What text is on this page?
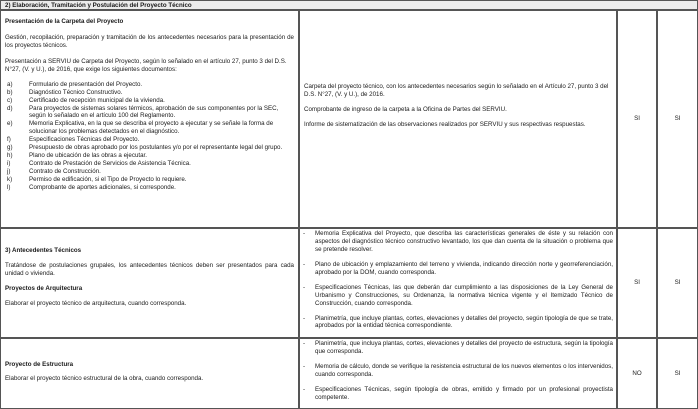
2) Elaboración, Tramitación y Postulación del Proyecto Técnico

Presentación de la Carpeta del Proyecto

Gestión, recopilación, preparación y tramitación de los antecedentes necesarios para la presentación de los proyectos técnicos.

Presentación a SERVIU de Carpeta del Proyecto, según lo señalado en el artículo 27, punto 3 del D.S. N°27, (V. y U.), de 2016, que exige los siguientes documentos:

a)	Formulario de presentación del Proyecto.
b)	Diagnóstico Técnico Constructivo.
c)	Certificado de recepción municipal de la vivienda.
d)	Para proyectos de sistemas solares térmicos, aprobación de sus componentes por la SEC, según lo señalado en el artículo 100 del Reglamento.
e)	Memoria Explicativa, en la que se describa el proyecto a ejecutar y se señale la forma de solucionar los problemas detectados en el diagnóstico.
f)	Especificaciones Técnicas del Proyecto.
g)	Presupuesto de obras aprobado por los postulantes y/o por el representante legal del grupo.
h)	Plano de ubicación de las obras a ejecutar.
i)	Contrato de Prestación de Servicios de Asistencia Técnica.
j)	Contrato de Construcción.
k)	Permiso de edificación, si el Tipo de Proyecto lo requiere.
l)	Comprobante de aportes adicionales, si corresponde.

Carpeta del proyecto técnico, con los antecedentes necesarios según lo señalado en el Artículo 27, punto 3 del D.S. N°27, (V. y U.), de 2016.

Comprobante de ingreso de la carpeta a la Oficina de Partes del SERVIU.

Informe de sistematización de las observaciones realizados por SERVIU y sus respectivas respuestas.

SI	SI

3) Antecedentes Técnicos

Tratándose de postulaciones grupales, los antecedentes técnicos deben ser presentados para cada unidad o vivienda.

Proyectos de Arquitectura

Elaborar el proyecto técnico de arquitectura, cuando corresponda.

-	Memoria Explicativa del Proyecto, que describa las características generales de éste y su relación con aspectos del diagnóstico técnico constructivo levantado, los que dan cuenta de la situación o problema que se pretende resolver.
-	Plano de ubicación y emplazamiento del terreno y vivienda, indicando dirección norte y georreferenciación, aprobado por la DOM, cuando corresponda.
-	Especificaciones Técnicas, las que deberán dar cumplimiento a las disposiciones de la Ley General de Urbanismo y Construcciones, su Ordenanza, la normativa técnica vigente y el Itemizado Técnico de Construcción, cuando corresponda.
-	Planimetría, que incluye plantas, cortes, elevaciones y detalles del proyecto, según tipología de que se trate, aprobados por la entidad técnica correspondiente.
SI	SI

Proyecto de Estructura

Elaborar el proyecto técnico estructural de la obra, cuando corresponda.

-	Planimetría, que incluya plantas, cortes, elevaciones y detalles del proyecto de estructura, según la tipología que corresponda.
-	Memoria de cálculo, donde se verifique la resistencia estructural de los nuevos elementos o los intervenidos, cuando corresponda.
-	Especificaciones Técnicas, según tipología de obras, emitido y firmado por un profesional proyectista competente.
NO	SI
